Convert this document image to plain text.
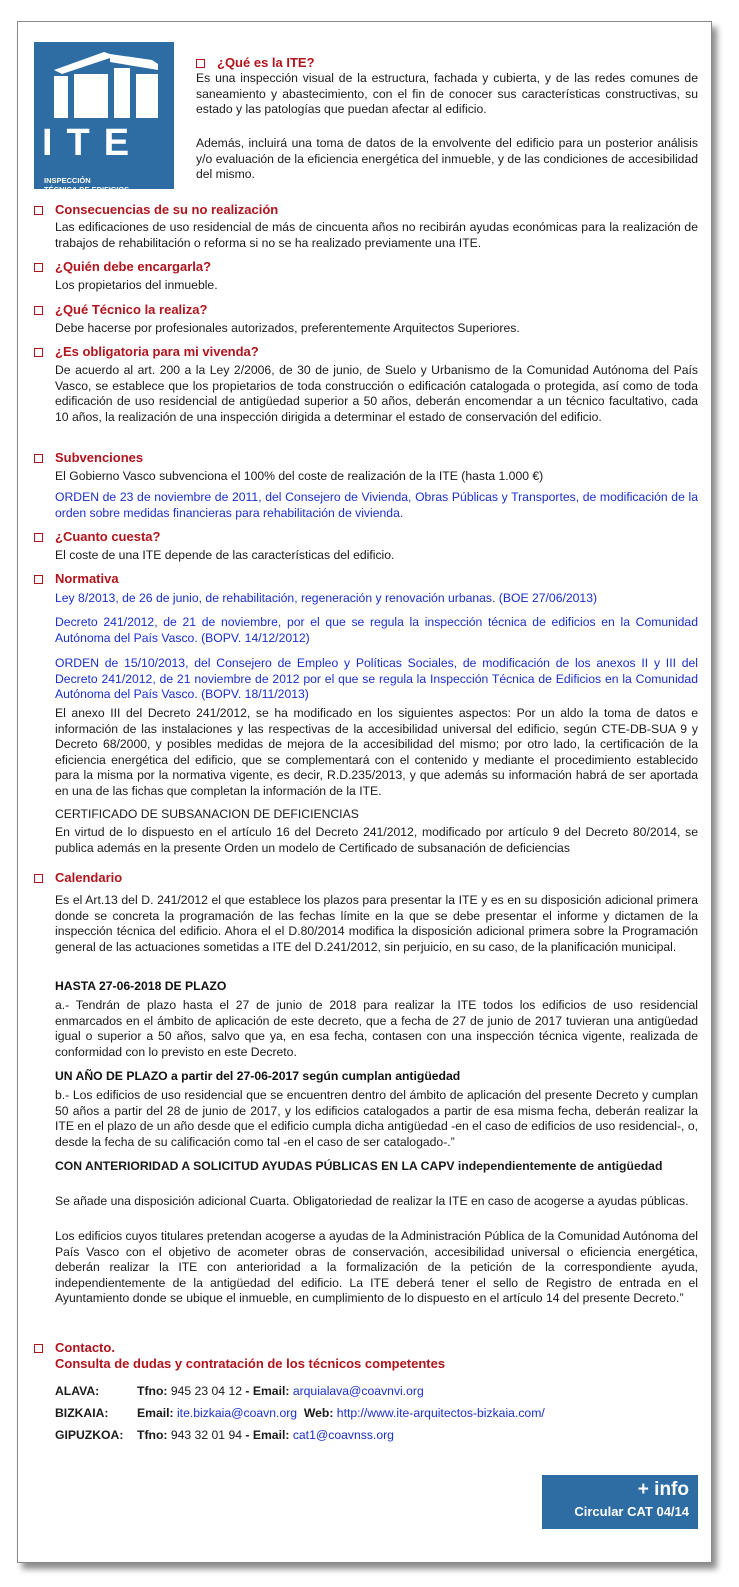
ITE
INSPECCIÓN
TÉCNICA DE EDIFICIOS
¿Qué es la ITE?
Es una inspección visual de la estructura, fachada y cubierta, y de las redes comunes de saneamiento y abastecimiento, con el fin de conocer sus características constructivas, su estado y las patologías que puedan afectar al edificio.
Además, incluirá una toma de datos de la envolvente del edificio para un posterior análisis y/o evaluación de la eficiencia energética del inmueble, y de las condiciones de accesibilidad del mismo.
Consecuencias de su no realización
Las edificaciones de uso residencial de más de cincuenta años no recibirán ayudas económicas para la realización de trabajos de rehabilitación o reforma si no se ha realizado previamente una ITE.
¿Quién debe encargarla?
Los propietarios del inmueble.
¿Qué Técnico la realiza?
Debe hacerse por profesionales autorizados, preferentemente Arquitectos Superiores.
¿Es obligatoria para mi vivenda?
De acuerdo al art. 200 a la Ley 2/2006, de 30 de junio, de Suelo y Urbanismo de la Comunidad Autónoma del País Vasco, se establece que los propietarios de toda construcción o edificación catalogada o protegida, así como de toda edificación de uso residencial de antigüedad superior a 50 años, deberán encomendar a un técnico facultativo, cada 10 años, la realización de una inspección dirigida a determinar el estado de conservación del edificio.
Subvenciones
El Gobierno Vasco subvenciona el 100% del coste de realización de la ITE (hasta 1.000 €)
ORDEN de 23 de noviembre de 2011, del Consejero de Vivienda, Obras Públicas y Transportes, de modificación de la orden sobre medidas financieras para rehabilitación de vivienda.
¿Cuanto cuesta?
El coste de una ITE depende de las características del edificio.
Normativa
Ley 8/2013, de 26 de junio, de rehabilitación, regeneración y renovación urbanas. (BOE 27/06/2013)
Decreto 241/2012, de 21 de noviembre, por el que se regula la inspección técnica de edificios en la Comunidad Autónoma del País Vasco. (BOPV. 14/12/2012)
ORDEN de 15/10/2013, del Consejero de Empleo y Políticas Sociales, de modificación de los anexos II y III del Decreto 241/2012, de 21 noviembre de 2012 por el que se regula la Inspección Técnica de Edificios en la Comunidad Autónoma del País Vasco. (BOPV. 18/11/2013)
El anexo III del Decreto 241/2012, se ha modificado en los siguientes aspectos: Por un aldo la toma de datos e información de las instalaciones y las respectivas de la accesibilidad universal del edificio, según CTE-DB-SUA 9 y Decreto 68/2000, y posibles medidas de mejora de la accesibilidad del mismo; por otro lado, la certificación de la eficiencia energética del edificio, que se complementará con el contenido y mediante el procedimiento establecido para la misma por la normativa vigente, es decir, R.D.235/2013, y que además su información habrá de ser aportada en una de las fichas que completan la información de la ITE.
CERTIFICADO DE SUBSANACION DE DEFICIENCIAS
En virtud de lo dispuesto en el artículo 16 del Decreto 241/2012, modificado por artículo 9 del Decreto 80/2014, se publica además en la presente Orden un modelo de Certificado de subsanación de deficiencias
Calendario
Es el Art.13 del D. 241/2012 el que establece los plazos para presentar la ITE y es en su disposición adicional primera donde se concreta la programación de las fechas límite en la que se debe presentar el informe y dictamen de la inspección técnica del edificio. Ahora el el D.80/2014 modifica la disposición adicional primera sobre la Programación general de las actuaciones sometidas a ITE del D.241/2012, sin perjuicio, en su caso, de la planificación municipal.
HASTA 27-06-2018 DE PLAZO
a.- Tendrán de plazo hasta el 27 de junio de 2018 para realizar la ITE todos los edificios de uso residencial enmarcados en el ámbito de aplicación de este decreto, que a fecha de 27 de junio de 2017 tuvieran una antigüedad igual o superior a 50 años, salvo que ya, en esa fecha, contasen con una inspección técnica vigente, realizada de conformidad con lo previsto en este Decreto.
UN AÑO DE PLAZO a partir del 27-06-2017 según cumplan antigüedad
b.- Los edificios de uso residencial que se encuentren dentro del ámbito de aplicación del presente Decreto y cumplan 50 años a partir del 28 de junio de 2017, y los edificios catalogados a partir de esa misma fecha, deberán realizar la ITE en el plazo de un año desde que el edificio cumpla dicha antigüedad -en el caso de edificios de uso residencial-, o, desde la fecha de su calificación como tal -en el caso de ser catalogado-.”
CON ANTERIORIDAD A SOLICITUD AYUDAS PÚBLICAS EN LA CAPV independientemente de antigüedad
Se añade una disposición adicional Cuarta. Obligatoriedad de realizar la ITE en caso de acogerse a ayudas públicas.
Los edificios cuyos titulares pretendan acogerse a ayudas de la Administración Pública de la Comunidad Autónoma del País Vasco con el objetivo de acometer obras de conservación, accesibilidad universal o eficiencia energética, deberán realizar la ITE con anterioridad a la formalización de la petición de la correspondiente ayuda, independientemente de la antigüedad del edificio. La ITE deberá tener el sello de Registro de entrada en el Ayuntamiento donde se ubique el inmueble, en cumplimiento de lo dispuesto en el artículo 14 del presente Decreto.”
Contacto.
Consulta de dudas y contratación de los técnicos competentes
ALAVA:	Tfno: 945 23 04 12 - Email: arquialava@coavnvi.org
BIZKAIA: Email: ite.bizkaia@coavn.org  Web: http://www.ite-arquitectos-bizkaia.com/
GIPUZKOA: Tfno: 943 32 01 94 - Email: cat1@coavnss.org
+ info
Circular CAT 04/14
